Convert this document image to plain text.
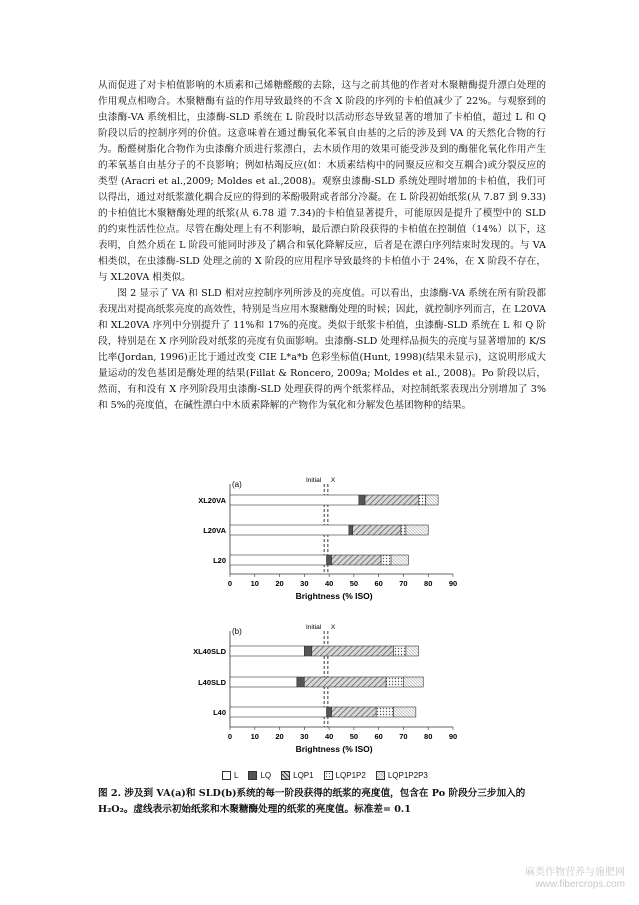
从而促进了对卡柏值影响的木质素和己烯糖醛酸的去除，这与之前其他的作者对木聚糖酶提升漂白处理的作用观点相吻合。木聚糖酶有益的作用导致最终的不含 X 阶段的序列的卡柏值减少了 22%。与观察到的虫漆酶-VA 系统相比，虫漆酶-SLD 系统在 L 阶段时以活动形态导致显著的增加了卡柏值，超过 L 和 Q 阶段以后的控制序列的价值。这意味着在通过酶氧化苯氧自由基的之后的涉及到 VA 的天然化合物的行为。酚醛树脂化合物作为虫漆酶介质进行浆漂白，去木质作用的效果可能受涉及到的酶催化氧化作用产生的苯氧基自由基分子的不良影响；例如枯竭反应(如：木质素结构中的同聚反应和交互耦合)或分裂反应的类型 (Aracri et al.,2009; Moldes et al.,2008)。观察虫漆酶-SLD 系统处理时增加的卡柏值，我们可以得出，通过对纸浆激化耦合反应的得到的苯酚吸附或者部分冷凝。在 L 阶段初始纸浆(从 7.87 到 9.33)的卡柏值比木聚糖酶处理的纸浆(从 6.78 道 7.34)的卡柏值显著提升，可能原因是提升了模型中的 SLD 的约束性活性位点。尽管在酶处理上有不利影响，最后漂白阶段获得的卡柏值在控制值（14%）以下，这表明，自然介质在 L 阶段可能同时涉及了耦合和氧化降解反应，后者是在漂白序列结束时发现的。与 VA 相类似，在虫漆酶-SLD 处理之前的 X 阶段的应用程序导致最终的卡柏值小于 24%，在 X 阶段不存在，与 XL20VA 相类似。

图 2 显示了 VA 和 SLD 相对应控制序列所涉及的亮度值。可以看出，虫漆酶-VA 系统在所有阶段都表现出对提高纸浆亮度的高效性，特别是当应用木聚糖酶处理的时候；因此，就控制序列而言，在 L20VA 和 XL20VA 序列中分别提升了 11%和 17%的亮度。类似于纸浆卡柏值，虫漆酶-SLD 系统在 L 和 Q 阶段，特别是在 X 序列阶段对纸浆的亮度有负面影响。虫漆酶-SLD 处理样品损失的亮度与显著增加的 K/S 比率(Jordan, 1996)正比于通过改变 CIE L*a*b 色彩坐标值(Hunt, 1998)(结果未显示)，这说明形成大量运动的发色基团是酶处理的结果(Fillat & Roncero, 2009a; Moldes et al., 2008)。Po 阶段以后，然而，有和没有 X 序列阶段用虫漆酶-SLD 处理获得的两个纸浆样品，对控制纸浆表现出分别增加了 3%和 5%的亮度值，在碱性漂白中木质素降解的产物作为氧化和分解发色基团物种的结果。

(a)
0 10 20 30 40 50 60 70 80 90
Brightness (% ISO)
Initial X
XL20VA
L20VA
L20
(b)
0 10 20 30 40 50 60 70 80 90
Brightness (% ISO)
Initial X
XL40SLD
L40SLD
L40
L	LQ	LQP1	LQP1P2	LQP1P2P3
图 2. 涉及到 VA(a)和 SLD(b)系统的每一阶段获得的纸浆的亮度值，包含在 Po 阶段分三步加入的 H₂O₂。虚线表示初始纸浆和木聚糖酶处理的纸浆的亮度值。标准差= 0.1
麻类作物营养与施肥网
www.fibercrops.com
